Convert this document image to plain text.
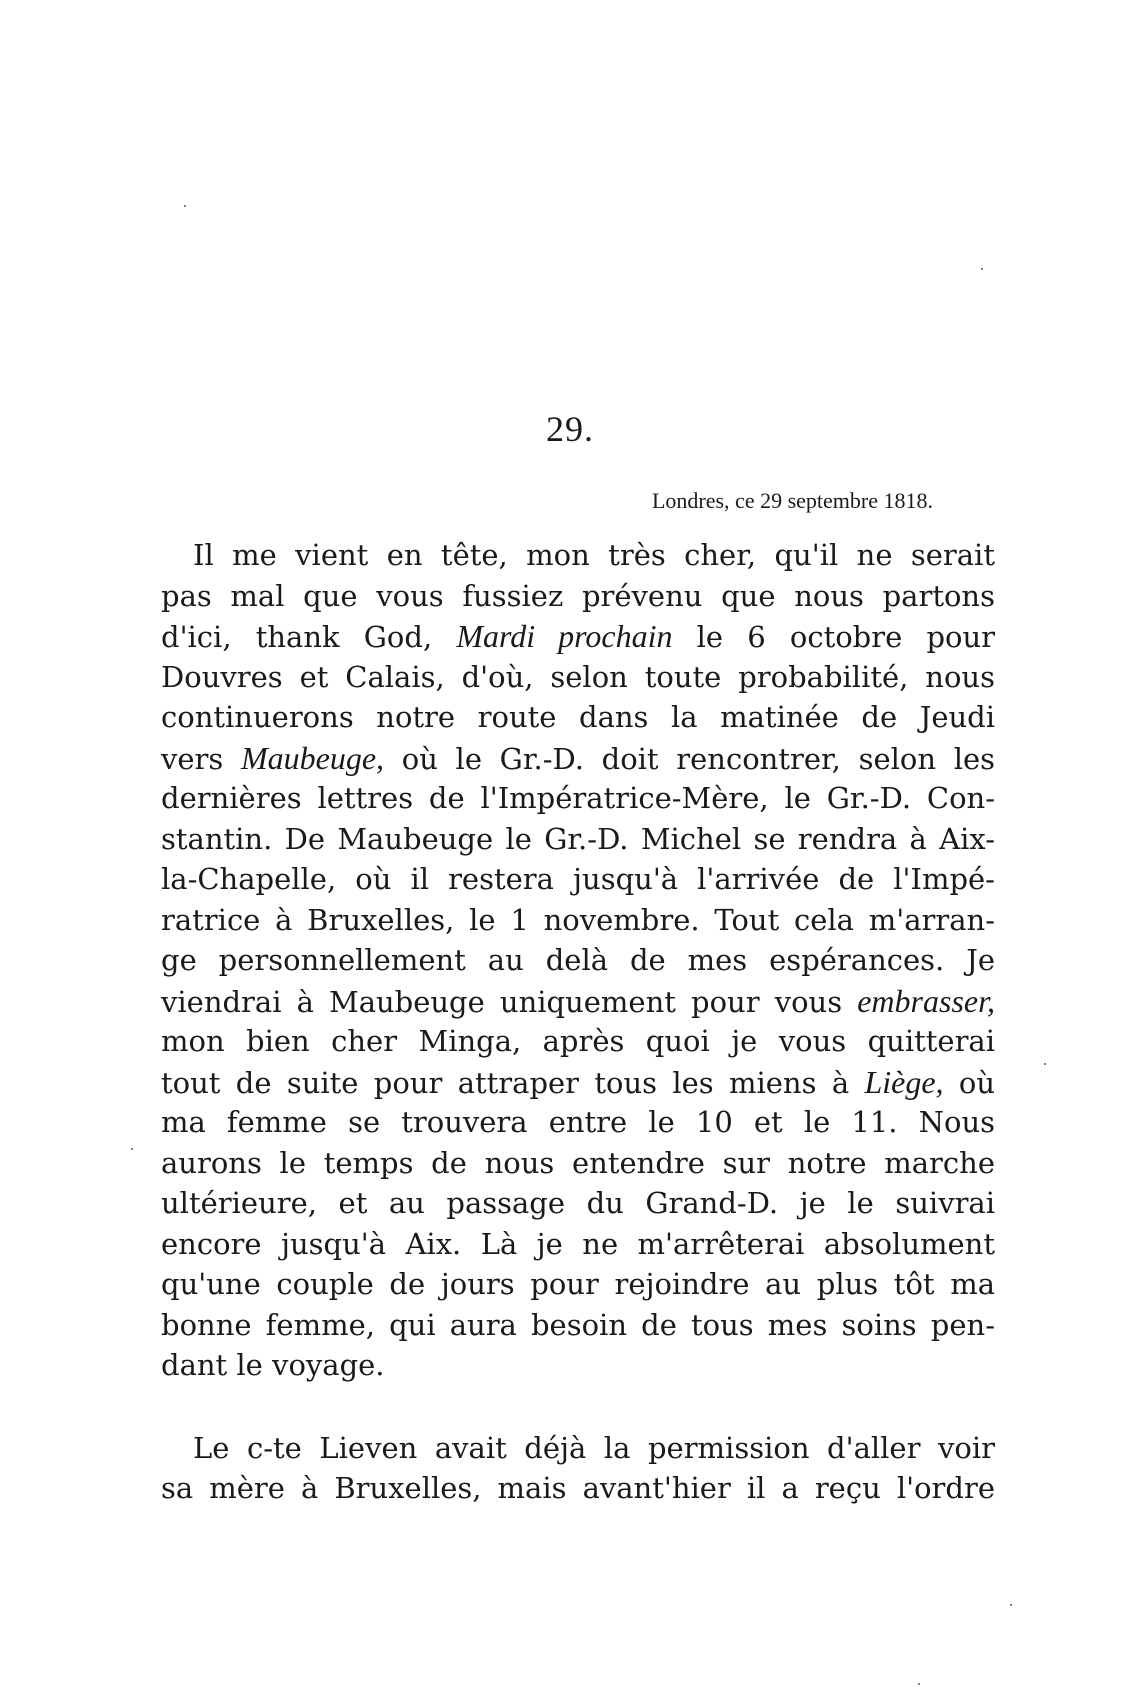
29.
Londres, ce 29 septembre 1818.
Il me vient en tête, mon très cher, qu'il ne serait
pas mal que vous fussiez prévenu que nous partons
d'ici, thank God, Mardi prochain le 6 octobre pour
Douvres et Calais, d'où, selon toute probabilité, nous
continuerons notre route dans la matinée de Jeudi
vers Maubeuge, où le Gr.-D. doit rencontrer, selon les
dernières lettres de l'Impératrice-Mère, le Gr.-D. Con-
stantin. De Maubeuge le Gr.-D. Michel se rendra à Aix-
la-Chapelle, où il restera jusqu'à l'arrivée de l'Impé-
ratrice à Bruxelles, le 1 novembre. Tout cela m'arran-
ge personnellement au delà de mes espérances. Je
viendrai à Maubeuge uniquement pour vous embrasser,
mon bien cher Minga, après quoi je vous quitterai
tout de suite pour attraper tous les miens à Liège, où
ma femme se trouvera entre le 10 et le 11. Nous
aurons le temps de nous entendre sur notre marche
ultérieure, et au passage du Grand-D. je le suivrai
encore jusqu'à Aix. Là je ne m'arrêterai absolument
qu'une couple de jours pour rejoindre au plus tôt ma
bonne femme, qui aura besoin de tous mes soins pen-
dant le voyage.
Le c-te Lieven avait déjà la permission d'aller voir
sa mère à Bruxelles, mais avant'hier il a reçu l'ordre
